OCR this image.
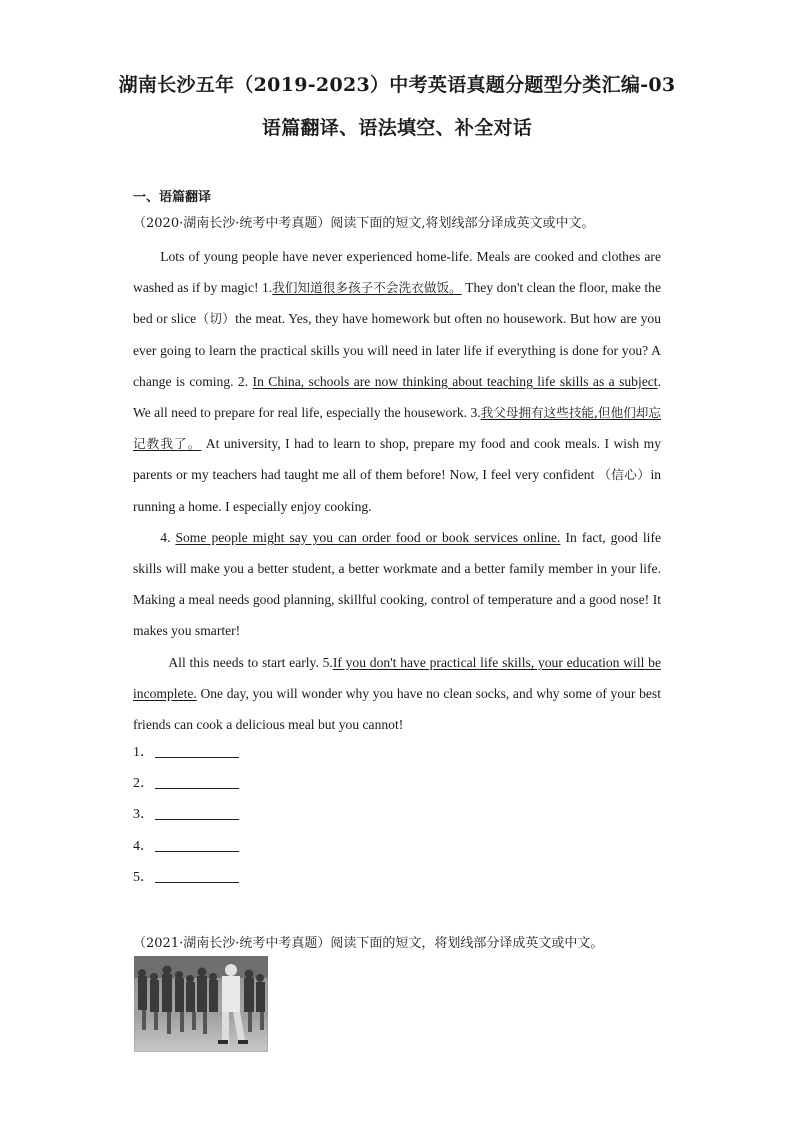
湖南长沙五年（2019-2023）中考英语真题分题型分类汇编-03
语篇翻译、语法填空、补全对话
一、语篇翻译
（2020·湖南长沙·统考中考真题）阅读下面的短文,将划线部分译成英文或中文。

Lots of young people have never experienced home-life. Meals are cooked and clothes are washed as if by magic! 1.我们知道很多孩子不会洗衣做饭。 They don't clean the floor, make the bed or slice（切）the meat. Yes, they have homework but often no housework. But how are you ever going to learn the practical skills you will need in later life if everything is done for you? A change is coming. 2. In China, schools are now thinking about teaching life skills as a subject. We all need to prepare for real life, especially the housework. 3.我父母拥有这些技能,但他们却忘记教我了。 At university, I had to learn to shop, prepare my food and cook meals. I wish my parents or my teachers had taught me all of them before! Now, I feel very confident （信心）in running a home. I especially enjoy cooking.

4. Some people might say you can order food or book services online. In fact, good life skills will make you a better student, a better workmate and a better family member in your life. Making a meal needs good planning, skillful cooking, control of temperature and a good nose! It makes you smarter!

All this needs to start early. 5.If you don't have practical life skills, your education will be incomplete. One day, you will wonder why you have no clean socks, and why some of your best friends can cook a delicious meal but you cannot!

1．
2．
3．
4．
5．
（2021·湖南长沙·统考中考真题）阅读下面的短文，将划线部分译成英文或中文。
